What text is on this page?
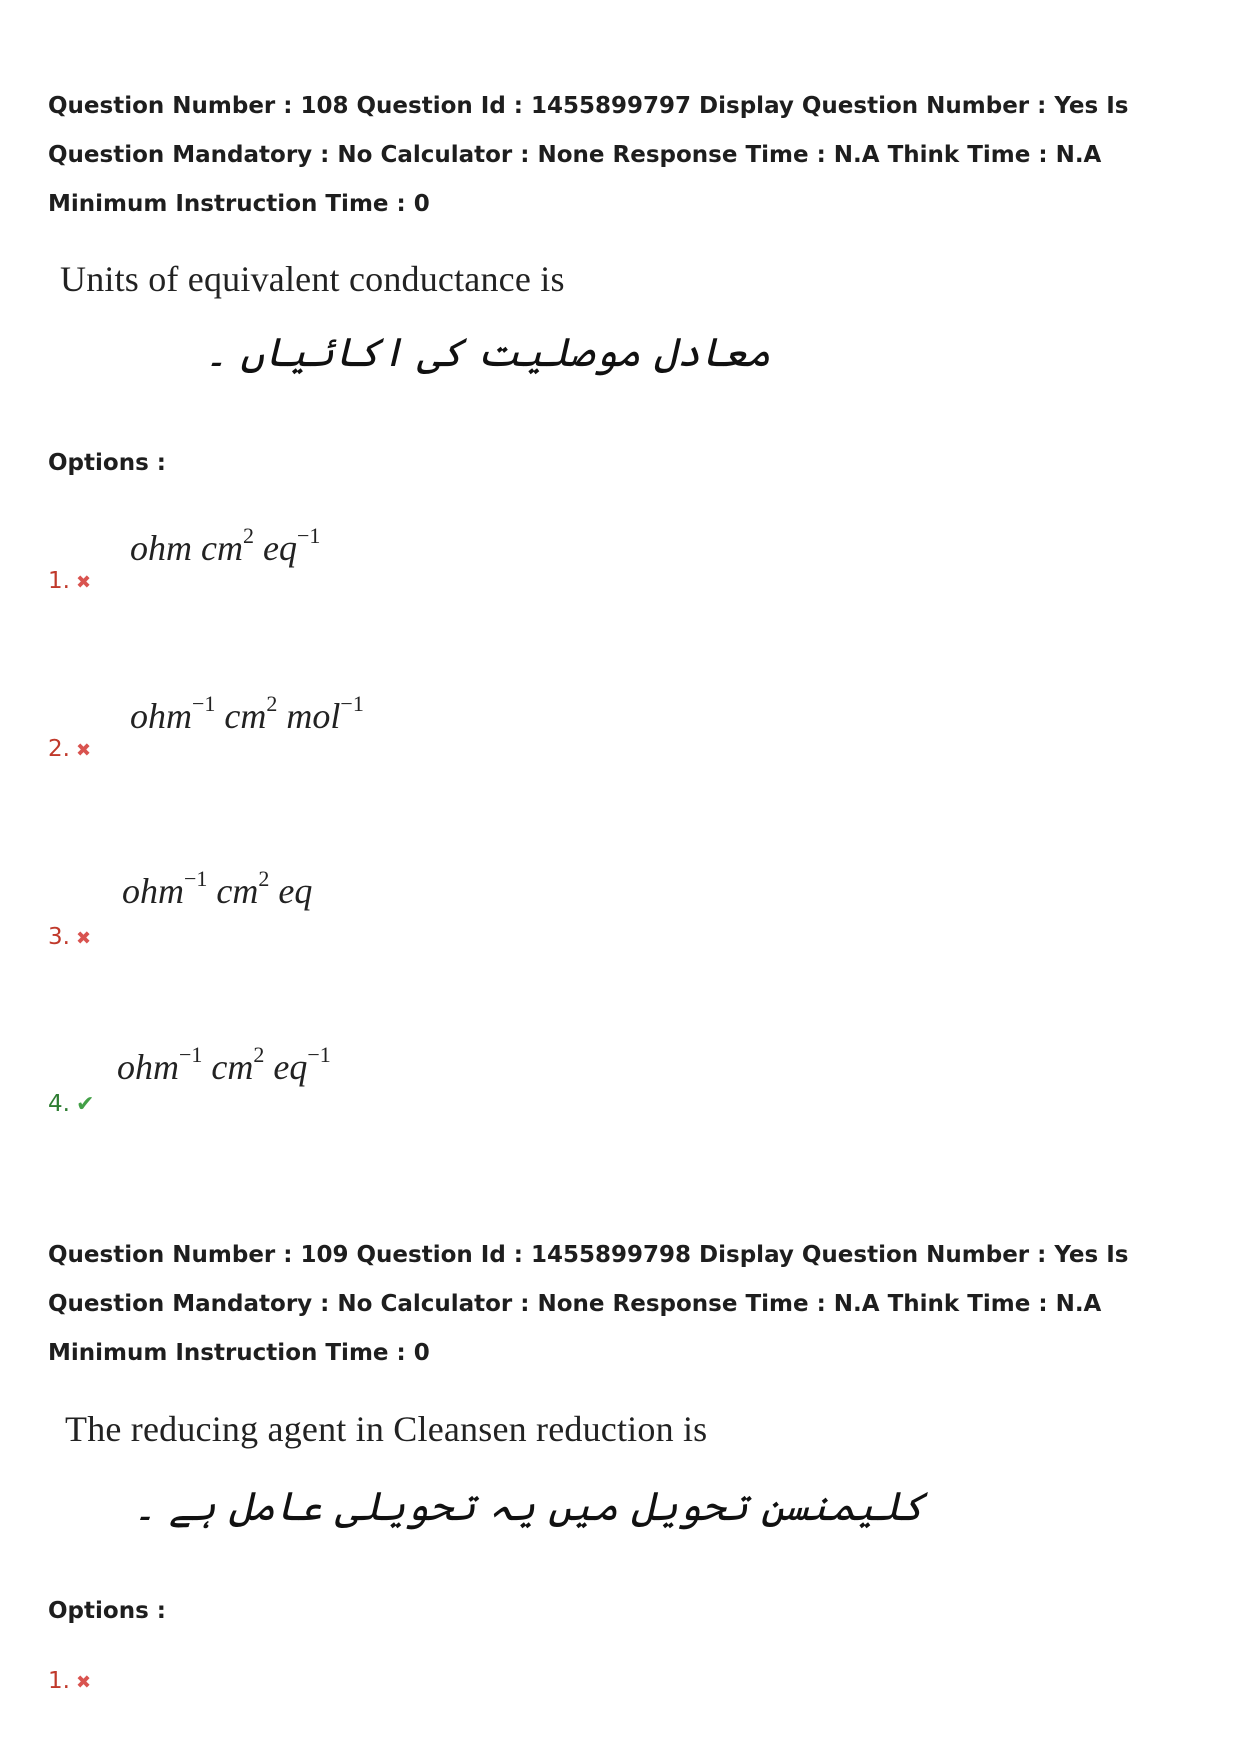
Question Number : 108 Question Id : 1455899797 Display Question Number : Yes Is Question Mandatory : No Calculator : None Response Time : N.A Think Time : N.A Minimum Instruction Time : 0
Units of equivalent conductance is
معادل موصلیت کی اکائیاں ۔
Options :
1. ✖
ohm $cm^2$ $eq^{-1}$
2. ✖
ohm$^{-1}$ $cm^2$ mol$^{-1}$
3. ✖
ohm$^{-1}$ $cm^2$ eq
4. ✔
ohm$^{-1}$ $cm^2$ $eq^{-1}$
Question Number : 109 Question Id : 1455899798 Display Question Number : Yes Is Question Mandatory : No Calculator : None Response Time : N.A Think Time : N.A Minimum Instruction Time : 0
The reducing agent in Cleansen reduction is
کلیمنسن تحویل میں یہ تحویلی عامل ہے ۔
Options :
1. ✖
